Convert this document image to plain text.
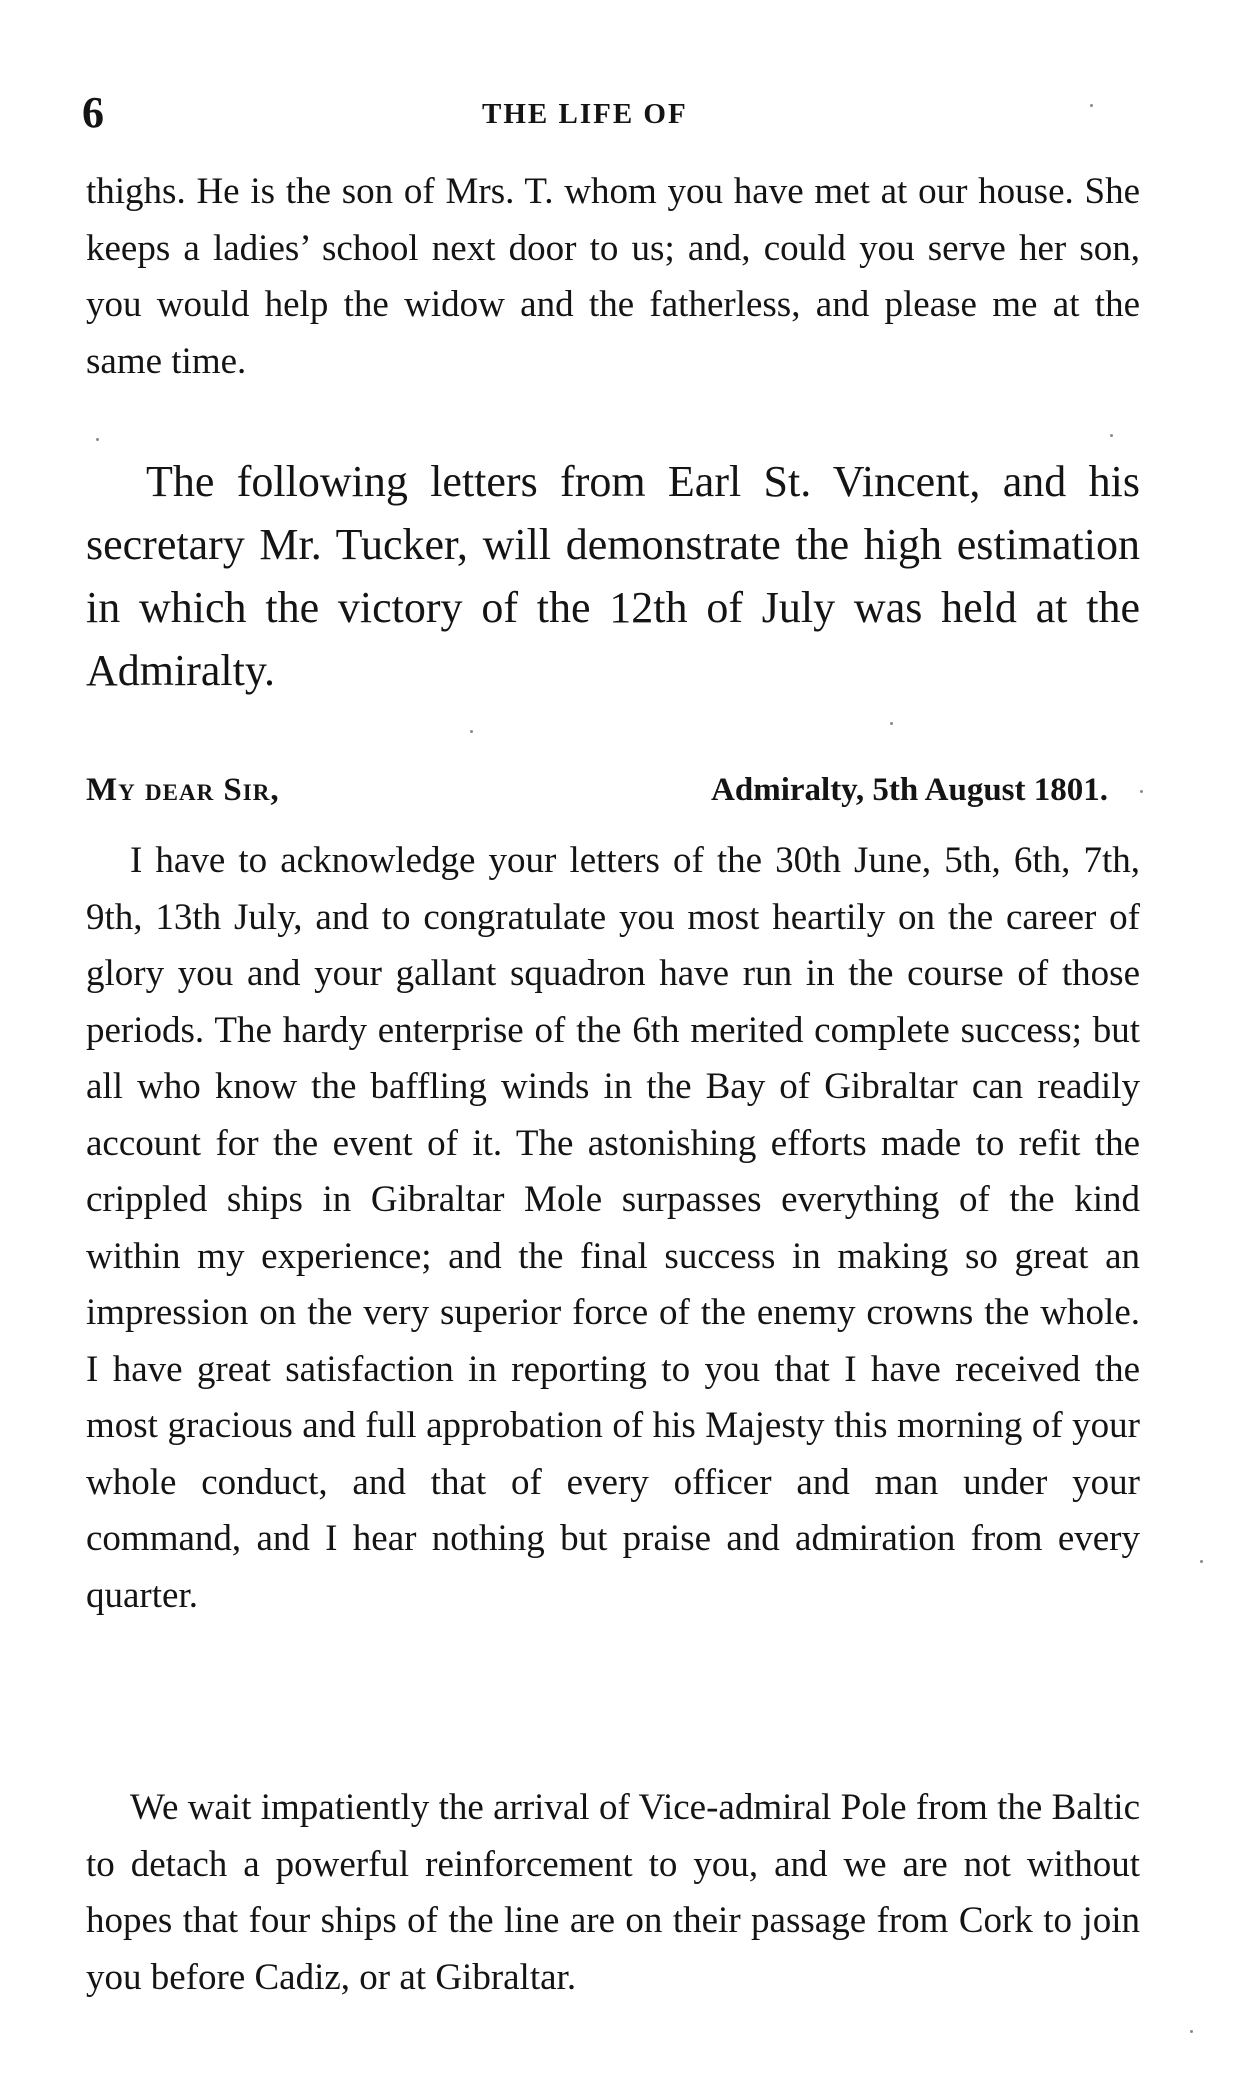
6	THE LIFE OF

thighs. He is the son of Mrs. T. whom you have met at our house. She keeps a ladies’ school next door to us; and, could you serve her son, you would help the widow and the fatherless, and please me at the same time.

The following letters from Earl St. Vincent, and his secretary Mr. Tucker, will demonstrate the high estimation in which the victory of the 12th of July was held at the Admiralty.

My dear Sir,	Admiralty, 5th August 1801.

I have to acknowledge your letters of the 30th June, 5th, 6th, 7th, 9th, 13th July, and to congratulate you most heartily on the career of glory you and your gallant squadron have run in the course of those periods. The hardy enterprise of the 6th merited complete success; but all who know the baffling winds in the Bay of Gibraltar can readily account for the event of it. The astonishing efforts made to refit the crippled ships in Gibraltar Mole surpasses everything of the kind within my experience; and the final success in making so great an impression on the very superior force of the enemy crowns the whole. I have great satisfaction in reporting to you that I have received the most gracious and full approbation of his Majesty this morning of your whole conduct, and that of every officer and man under your command, and I hear nothing but praise and admiration from every quarter.

We wait impatiently the arrival of Vice-admiral Pole from the Baltic to detach a powerful reinforcement to you, and we are not without hopes that four ships of the line are on their passage from Cork to join you before Cadiz, or at Gibraltar.
